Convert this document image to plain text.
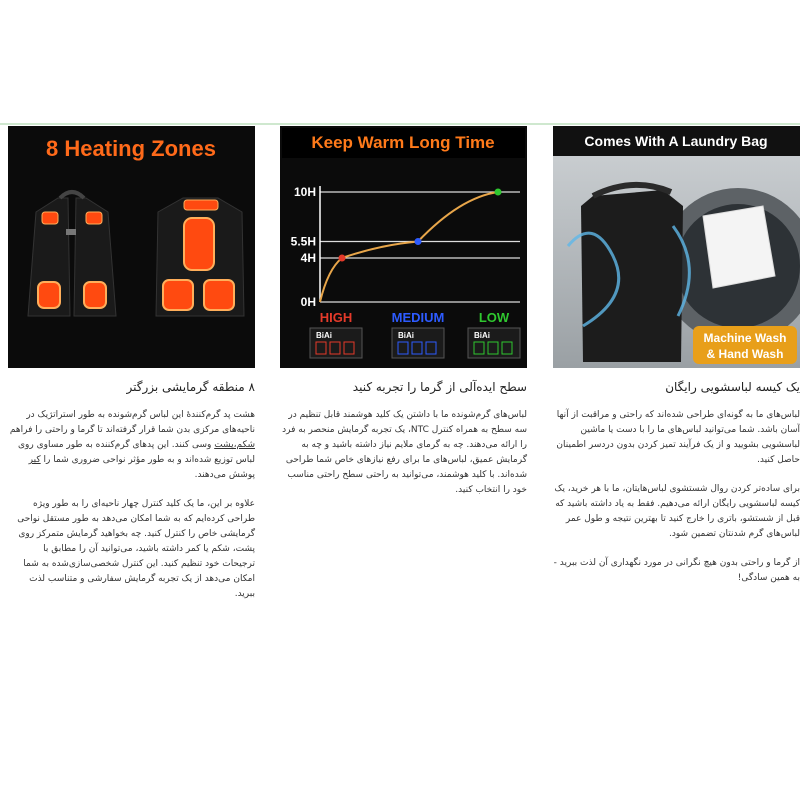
8 Heating Zones	Keep Warm Long Time
10H
5.5H
4H
0H
HIGH	MEDIUM	LOW
BiAi	BiAi	BiAi
Comes With A Laundry Bag
Machine Wash
& Hand Wash
۸ منطقه گرمایشی بزرگتر

هشت پد گرم‌کنندهٔ این لباس گرم‌شونده به طور استراتژیک در ناحیه‌های مرکزی بدن شما قرار گرفته‌اند تا گرما و راحتی را فراهم شکم،پشت وسی کنند. این پدهای گرم‌کننده به طور مساوی روی لباس توزیع شده‌اند و به طور مؤثر نواحی ضروری شما را کبر پوشش می‌دهند.

علاوه بر این، ما یک کلید کنترل چهار ناحیه‌ای را به طور ویژه طراحی کرده‌ایم که به شما امکان می‌دهد به طور مستقل نواحی گرمایشی خاص را کنترل کنید. چه بخواهید گرمایش متمرکز روی پشت، شکم یا کمر داشته باشید، می‌توانید آن را مطابق با ترجیحات خود تنظیم کنید. این کنترل شخصی‌سازی‌شده به شما امکان می‌دهد از یک تجربه گرمایش سفارشی و متناسب لذت ببرید.

سطح ایده‌آلی از گرما را تجربه کنید

لباس‌های گرم‌شونده ما با داشتن یک کلید هوشمند قابل تنظیم در سه سطح به همراه کنترل NTC، یک تجربه گرمایش منحصر به فرد را ارائه می‌دهند. چه به گرمای ملایم نیاز داشته باشید و چه به گرمایش عمیق، لباس‌های ما برای رفع نیازهای خاص شما طراحی شده‌اند. با کلید هوشمند، می‌توانید به راحتی سطح راحتی مناسب خود را انتخاب کنید.

یک کیسه لباسشویی رایگان

لباس‌های ما به گونه‌ای طراحی شده‌اند که راحتی و مراقبت از آنها آسان باشد. شما می‌توانید لباس‌های ما را با دست یا ماشین لباسشویی بشویید و از یک فرآیند تمیز کردن بدون دردسر اطمینان حاصل کنید.

برای ساده‌تر کردن روال شستشوی لباس‌هایتان، ما با هر خرید، یک کیسه لباسشویی رایگان ارائه می‌دهیم. فقط به یاد داشته باشید که قبل از شستشو، باتری را خارج کنید تا بهترین نتیجه و طول عمر لباس‌های گرم شدنتان تضمین شود.

از گرما و راحتی بدون هیچ نگرانی در مورد نگهداری آن لذت ببرید - به همین سادگی!
